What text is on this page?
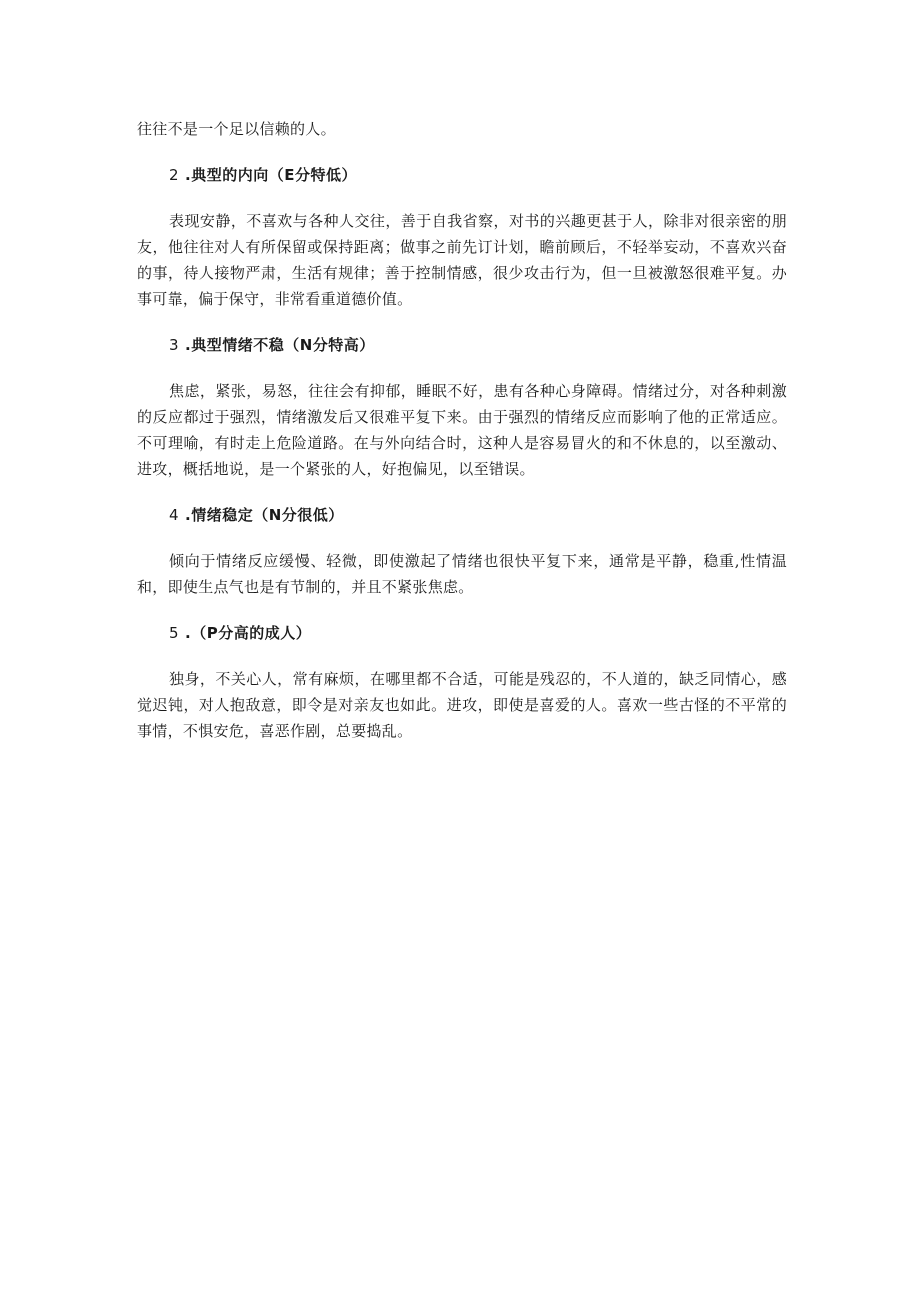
往往不是一个足以信赖的人。

2 .典型的内向（E分特低）

表现安静，不喜欢与各种人交往，善于自我省察，对书的兴趣更甚于人，除非对很亲密的朋友，他往往对人有所保留或保持距离；做事之前先订计划，瞻前顾后，不轻举妄动，不喜欢兴奋的事，待人接物严肃，生活有规律；善于控制情感，很少攻击行为，但一旦被激怒很难平复。办事可靠，偏于保守，非常看重道德价值。

3 .典型情绪不稳（N分特高）

焦虑，紧张，易怒，往往会有抑郁，睡眠不好，患有各种心身障碍。情绪过分，对各种刺激的反应都过于强烈，情绪激发后又很难平复下来。由于强烈的情绪反应而影响了他的正常适应。不可理喻，有时走上危险道路。在与外向结合时，这种人是容易冒火的和不休息的，以至激动、进攻，概括地说，是一个紧张的人，好抱偏见，以至错误。

4 .情绪稳定（N分很低）

倾向于情绪反应缓慢、轻微，即使激起了情绪也很快平复下来，通常是平静，稳重,性情温和，即使生点气也是有节制的，并且不紧张焦虑。

5 .（P分高的成人）

独身，不关心人，常有麻烦，在哪里都不合适，可能是残忍的，不人道的，缺乏同情心，感觉迟钝，对人抱敌意，即令是对亲友也如此。进攻，即使是喜爱的人。喜欢一些古怪的不平常的事情，不惧安危，喜恶作剧，总要捣乱。
